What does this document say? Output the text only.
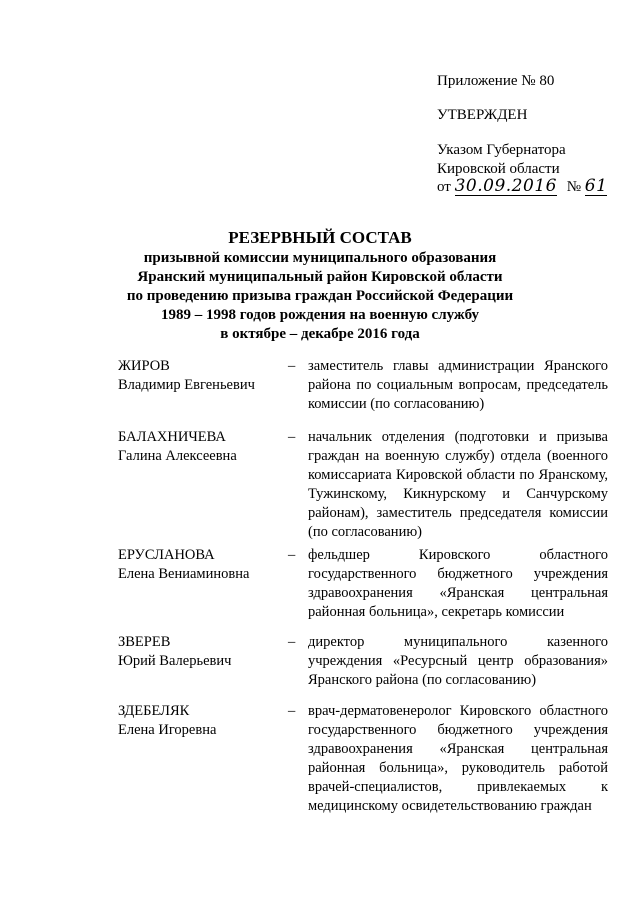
Приложение № 80
УТВЕРЖДЕН
Указом Губернатора
Кировской области
от 30.09.2016 № 61
РЕЗЕРВНЫЙ СОСТАВ
призывной комиссии муниципального образования
Яранский муниципальный район Кировской области
по проведению призыва граждан Российской Федерации
1989 – 1998 годов рождения на военную службу
в октябре – декабре 2016 года
ЖИРОВ
Владимир Евгеньевич
– заместитель главы администрации Яранского района по социальным вопросам, председатель комиссии (по согласованию)
БАЛАХНИЧЕВА
Галина Алексеевна
– начальник отделения (подготовки и призыва граждан на военную службу) отдела (военного комиссариата Кировской области по Яранскому, Тужинскому, Кикнурскому и Санчурскому районам), заместитель председателя комиссии (по согласованию)
ЕРУСЛАНОВА
Елена Вениаминовна
– фельдшер Кировского областного государственного бюджетного учреждения здравоохранения «Яранская центральная районная больница», секретарь комиссии
ЗВЕРЕВ
Юрий Валерьевич
– директор муниципального казенного учреждения «Ресурсный центр образования» Яранского района (по согласованию)
ЗДЕБЕЛЯК
Елена Игоревна
– врач-дерматовенеролог Кировского областного государственного бюджетного учреждения здравоохранения «Яранская центральная районная больница», руководитель работой врачей-специалистов, привлекаемых к медицинскому освидетельствованию граждан
